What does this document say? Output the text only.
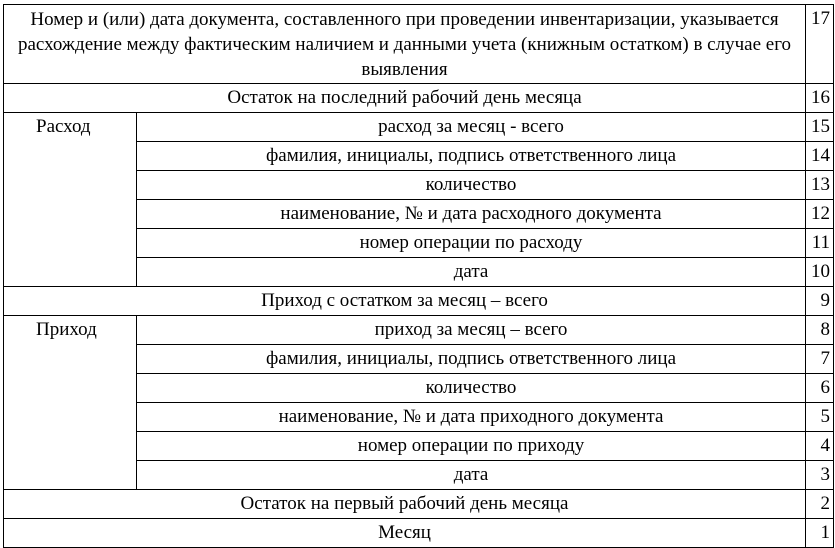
Номер и (или) дата документа, составленного при проведении инвентаризации, указывается расхождение между фактическим наличием и данными учета (книжным остатком) в случае его выявления		17
Остаток на последний рабочий день месяца		16
Расход	расход за месяц - всего	15
	фамилия, инициалы, подпись ответственного лица	14
	количество	13
	наименование, № и дата расходного документа	12
	номер операции по расходу	11
	дата	10
Приход с остатком за месяц – всего		9
Приход	приход за месяц – всего	8
	фамилия, инициалы, подпись ответственного лица	7
	количество	6
	наименование, № и дата приходного документа	5
	номер операции по приходу	4
	дата	3
Остаток на первый рабочий день месяца		2
Месяц		1
